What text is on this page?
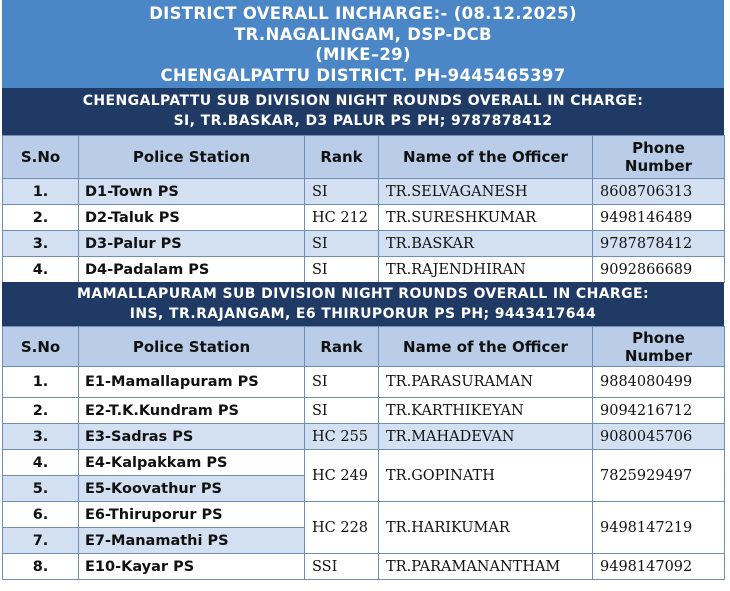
DISTRICT OVERALL INCHARGE:- (08.12.2025)
TR.NAGALINGAM, DSP-DCB
(MIKE–29)
CHENGALPATTU DISTRICT. PH-9445465397
CHENGALPATTU SUB DIVISION NIGHT ROUNDS OVERALL IN CHARGE:
SI, TR.BASKAR, D3 PALUR PS PH; 9787878412
S.No	Police Station	Rank	Name of the Officer	Phone
Number
1.	D1-Town PS	SI	TR.SELVAGANESH	8608706313
2.	D2-Taluk PS	HC 212	TR.SURESHKUMAR	9498146489
3.	D3-Palur PS	SI	TR.BASKAR	9787878412
4.	D4-Padalam PS	SI	TR.RAJENDHIRAN	9092866689
MAMALLAPURAM SUB DIVISION NIGHT ROUNDS OVERALL IN CHARGE:
INS, TR.RAJANGAM, E6 THIRUPORUR PS PH; 9443417644
S.No	Police Station	Rank	Name of the Officer	Phone
Number
1.	E1-Mamallapuram PS	SI	TR.PARASURAMAN	9884080499
2.	E2-T.K.Kundram PS	SI	TR.KARTHIKEYAN	9094216712
3.	E3-Sadras PS	HC 255	TR.MAHADEVAN	9080045706
4.	E4-Kalpakkam PS	HC 249	TR.GOPINATH	7825929497
5.	E5-Koovathur PS			
6.	E6-Thiruporur PS	HC 228	TR.HARIKUMAR	9498147219
7.	E7-Manamathi PS			
8.	E10-Kayar PS	SSI	TR.PARAMANANTHAM	9498147092
